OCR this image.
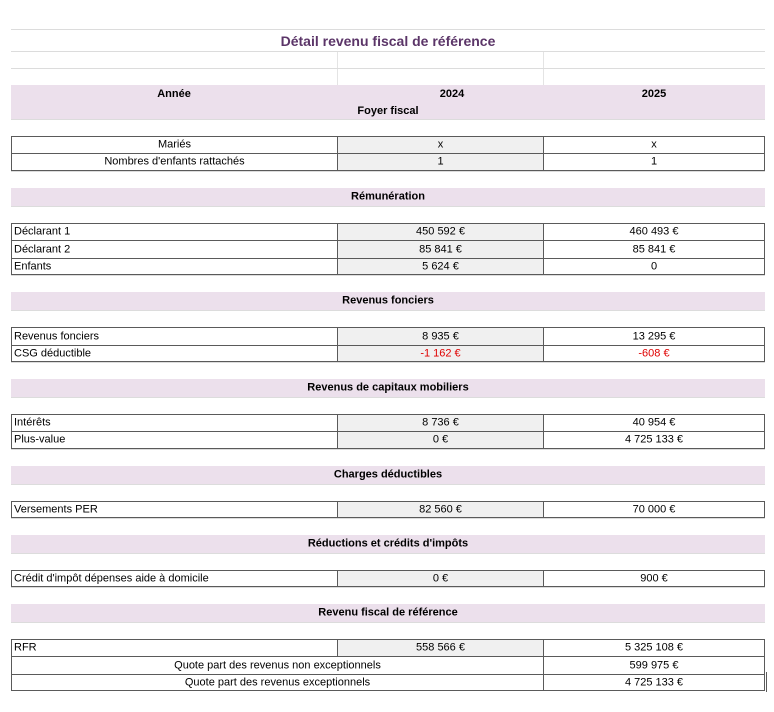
Détail revenu fiscal de référence
Année	2024	2025
Foyer fiscal
Mariés	x	x
Nombres d'enfants rattachés	1	1
Rémunération
Déclarant 1	450 592 €	460 493 €
Déclarant 2	85 841 €	85 841 €
Enfants	5 624 €	0
Revenus fonciers
Revenus fonciers	8 935 €	13 295 €
CSG déductible	-1 162 €	-608 €
Revenus de capitaux mobiliers
Intérêts	8 736 €	40 954 €
Plus-value	0 €	4 725 133 €
Charges déductibles
Versements PER	82 560 €	70 000 €
Réductions et crédits d'impôts
Crédit d'impôt dépenses aide à domicile	0 €	900 €
Revenu fiscal de référence
RFR	558 566 €	5 325 108 €
Quote part des revenus non exceptionnels	599 975 €
Quote part des revenus exceptionnels	4 725 133 €
